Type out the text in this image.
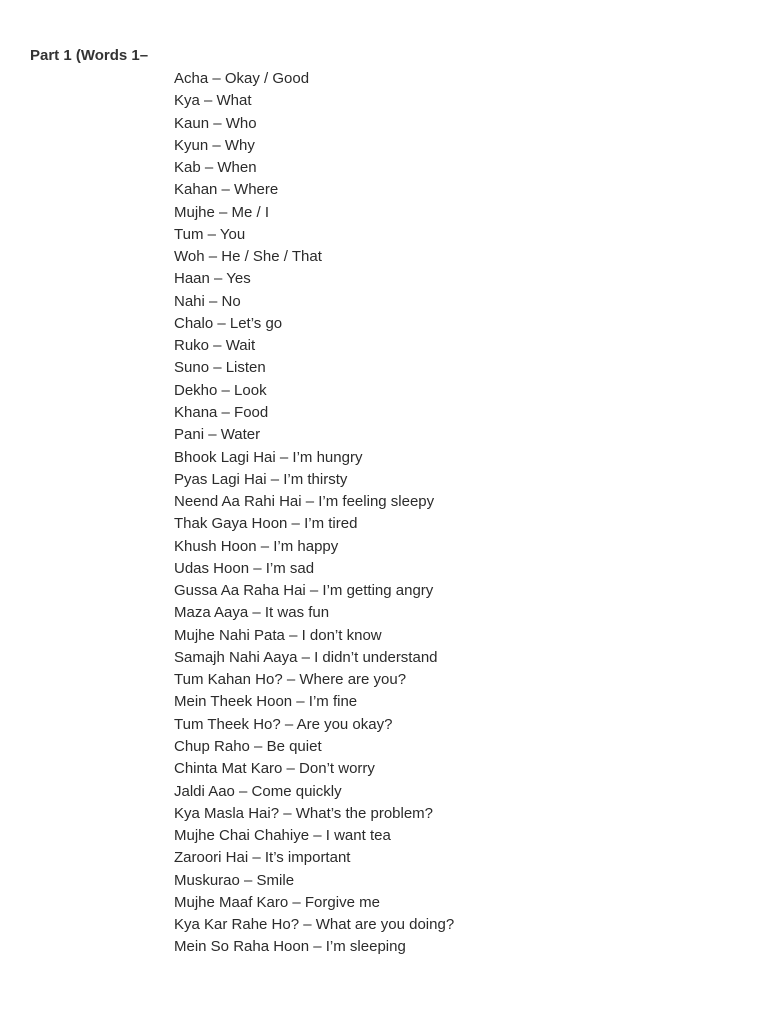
Part 1 (Words 1–
Acha – Okay / Good
Kya – What
Kaun – Who
Kyun – Why
Kab – When
Kahan – Where
Mujhe – Me / I
Tum – You
Woh – He / She / That
Haan – Yes
Nahi – No
Chalo – Let’s go
Ruko – Wait
Suno – Listen
Dekho – Look
Khana – Food
Pani – Water
Bhook Lagi Hai – I’m hungry
Pyas Lagi Hai – I’m thirsty
Neend Aa Rahi Hai – I’m feeling sleepy
Thak Gaya Hoon – I’m tired
Khush Hoon – I’m happy
Udas Hoon – I’m sad
Gussa Aa Raha Hai – I’m getting angry
Maza Aaya – It was fun
Mujhe Nahi Pata – I don’t know
Samajh Nahi Aaya – I didn’t understand
Tum Kahan Ho? – Where are you?
Mein Theek Hoon – I’m fine
Tum Theek Ho? – Are you okay?
Chup Raho – Be quiet
Chinta Mat Karo – Don’t worry
Jaldi Aao – Come quickly
Kya Masla Hai? – What’s the problem?
Mujhe Chai Chahiye – I want tea
Zaroori Hai – It’s important
Muskurao – Smile
Mujhe Maaf Karo – Forgive me
Kya Kar Rahe Ho? – What are you doing?
Mein So Raha Hoon – I’m sleeping
